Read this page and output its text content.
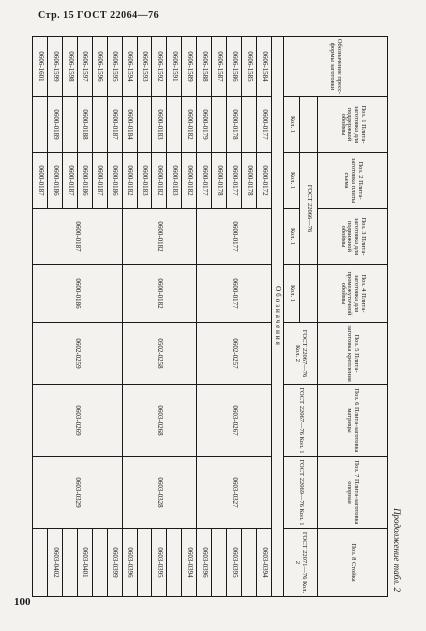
Стр. 15 ГОСТ 22064—76
Продолжение табл. 2
Обозначение пресс-формы заготовки	Поз. 1 Плита-заготовка для поддержкой обоймы	Поз. 2 Плита-заготовка плиты съема	Поз. 3 Плита-заготовка для подвижной обоймы	Поз. 4 Плита-заготовка для промежуточной обоймы	Поз. 5 Плита-заготовка крепления	Поз. 6 Плита-заготовка матрицы	Поз. 7 Плита-заготовка опорная	Поз. 8 Стойка
		ГОСТ 22066—76			ГОСТ 22067—76 Кол. 2	ГОСТ 22067—76 Кол. 1	ГОСТ 22069—76 Кол. 1	ГОСТ 22071—76 Кол. 2
	Кол. 1	Кол. 1	Кол. 1	Кол. 1				
Обозначения								
0606-1584	0600-0177	0600-0172	0600-0177	0600-0177	0602-0257	0603-0267	0603-0327	0603-0394
0606-1585		0600-0178						
0606-1586	0600-0178	0600-0177						0603-0395
0606-1587		0600-0178						
0606-1588	0600-0179	0600-0177						0603-0396
0606-1589	0600-0182	0600-0182	0600-0182	0600-0182	0502-0258	0603-0268	0603-0328	0603-0394
0606-1591		0600-0183						
0606-1592	0600-0183	0600-0182						0603-0395
0606-1593		0600-0183						
0606-1594	0600-0184	0600-0182						0603-0396
0606-1595	0600-0187	0600-0186	0600-0187	0600-0186	0602-0259	0603-0269	0603-0329	0603-0399
0606-1596		0600-0187						
0606-1597	0600-0188	0600-0186						0603-0401
0606-1598		0600-0187						
0606-1599	0600-0189	0600-0186						0603-0402
0606-1601		0600-0187						
100
